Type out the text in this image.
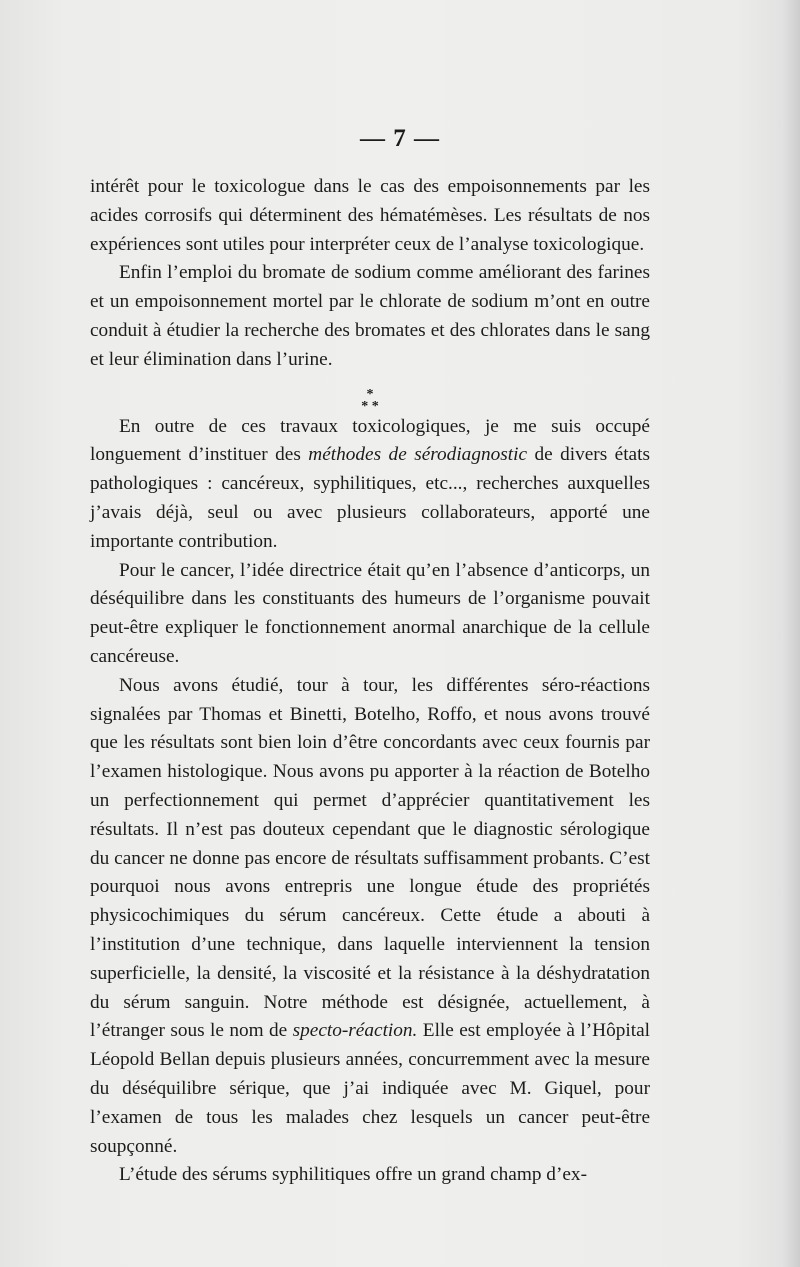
— 7 —

intérêt pour le toxicologue dans le cas des empoisonnements par les acides corrosifs qui déterminent des hématémèses. Les résultats de nos expériences sont utiles pour interpréter ceux de l’analyse toxicologique.

Enfin l’emploi du bromate de sodium comme améliorant des farines et un empoisonnement mortel par le chlorate de sodium m’ont en outre conduit à étudier la recherche des bromates et des chlorates dans le sang et leur élimination dans l’urine.

*
* *

En outre de ces travaux toxicologiques, je me suis occupé longuement d’instituer des méthodes de sérodiagnostic de divers états pathologiques : cancéreux, syphilitiques, etc..., recherches auxquelles j’avais déjà, seul ou avec plusieurs collaborateurs, apporté une importante contribution.

Pour le cancer, l’idée directrice était qu’en l’absence d’anticorps, un déséquilibre dans les constituants des humeurs de l’organisme pouvait peut-être expliquer le fonctionnement anormal anarchique de la cellule cancéreuse.

Nous avons étudié, tour à tour, les différentes séro-réactions signalées par Thomas et Binetti, Botelho, Roffo, et nous avons trouvé que les résultats sont bien loin d’être concordants avec ceux fournis par l’examen histologique. Nous avons pu apporter à la réaction de Botelho un perfectionnement qui permet d’apprécier quantitativement les résultats. Il n’est pas douteux cependant que le diagnostic sérologique du cancer ne donne pas encore de résultats suffisamment probants. C’est pourquoi nous avons entrepris une longue étude des propriétés physicochimiques du sérum cancéreux. Cette étude a abouti à l’institution d’une technique, dans laquelle interviennent la tension superficielle, la densité, la viscosité et la résistance à la déshydratation du sérum sanguin. Notre méthode est désignée, actuellement, à l’étranger sous le nom de specto-réaction. Elle est employée à l’Hôpital Léopold Bellan depuis plusieurs années, concurremment avec la mesure du déséquilibre sérique, que j’ai indiquée avec M. Giquel, pour l’examen de tous les malades chez lesquels un cancer peut-être soupçonné.

L’étude des sérums syphilitiques offre un grand champ d’ex-
